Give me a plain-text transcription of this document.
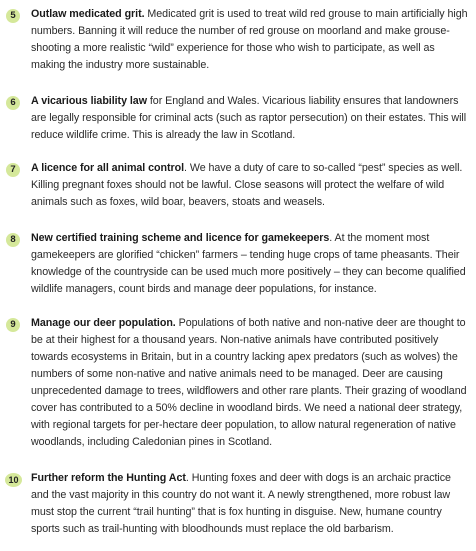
5	Outlaw medicated grit. Medicated grit is used to treat wild red grouse to main artificially high numbers. Banning it will reduce the number of red grouse on moorland and make grouse-shooting a more realistic “wild” experience for those who wish to participate, as well as making the industry more sustainable.

6	A vicarious liability law for England and Wales. Vicarious liability ensures that landowners are legally responsible for criminal acts (such as raptor persecution) on their estates. This will reduce wildlife crime. This is already the law in Scotland.

7	A licence for all animal control. We have a duty of care to so-called “pest” species as well. Killing pregnant foxes should not be lawful. Close seasons will protect the welfare of wild animals such as foxes, wild boar, beavers, stoats and weasels.

8	New certified training scheme and licence for gamekeepers. At the moment most gamekeepers are glorified “chicken” farmers – tending huge crops of tame pheasants. Their knowledge of the countryside can be used much more positively – they can become qualified wildlife managers, count birds and manage deer populations, for instance.

9	Manage our deer population. Populations of both native and non-native deer are thought to be at their highest for a thousand years. Non-native animals have contributed positively towards ecosystems in Britain, but in a country lacking apex predators (such as wolves) the numbers of some non-native and native animals need to be managed. Deer are causing unprecedented damage to trees, wildflowers and other rare plants. Their grazing of woodland cover has contributed to a 50% decline in woodland birds. We need a national deer strategy, with regional targets for per-hectare deer population, to allow natural regeneration of native woodlands, including Caledonian pines in Scotland.

10	Further reform the Hunting Act. Hunting foxes and deer with dogs is an archaic practice and the vast majority in this country do not want it. A newly strengthened, more robust law must stop the current “trail hunting” that is fox hunting in disguise. New, humane country sports such as trail-hunting with bloodhounds must replace the old barbarism.
